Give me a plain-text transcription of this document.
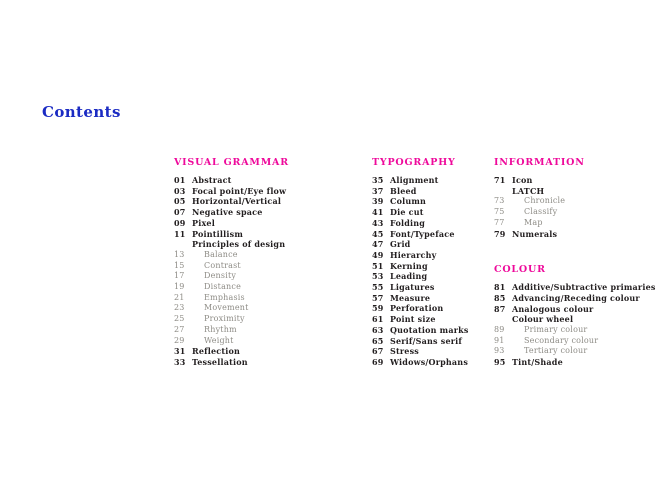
Contents
VISUAL GRAMMAR
01 Abstract
03 Focal point/Eye flow
05 Horizontal/Vertical
07 Negative space
09 Pixel
11 Pointillism
Principles of design
13	Balance
15	Contrast
17	Density
19	Distance
21	Emphasis
23	Movement
25	Proximity
27	Rhythm
29	Weight
31 Reflection
33 Tessellation
TYPOGRAPHY
35 Alignment
37 Bleed
39 Column
41 Die cut
43 Folding
45 Font/Typeface
47 Grid
49 Hierarchy
51 Kerning
53 Leading
55 Ligatures
57 Measure
59 Perforation
61 Point size
63 Quotation marks
65 Serif/Sans serif
67 Stress
69 Widows/Orphans
INFORMATION
71 Icon
LATCH
73	Chronicle
75	Classify
77	Map
79 Numerals
COLOUR
81 Additive/Subtractive primaries
85 Advancing/Receding colour
87 Analogous colour
Colour wheel
89	Primary colour
91	Secondary colour
93	Tertiary colour
95 Tint/Shade
